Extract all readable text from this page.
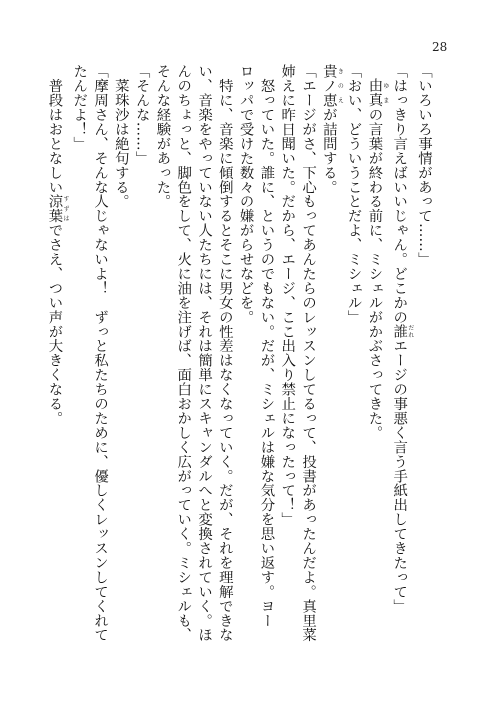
28
「いろいろ事情があって……」
「はっきり言えばいいじゃん。どこかの誰 だれエージの事悪く言う手紙出してきたって」
　由真 ゆまの言葉が終わる前に、ミシェルがかぶさってきた。
「おい、どういうことだよ、ミシェル」
貴ノ恵 きのえが詰問する。
「エージがさ、下心もってあんたらのレッスンしてるって、投書があったんだよ。真里菜
姉えに昨日聞いた。だから、エージ、ここ出入り禁止になったって！」
　怒っていた。誰に、というのでもない。だが、ミシェルは嫌な気分を思い返す。ヨー
ロッパで受けた数々の嫌がらせなどを。
　特に、音楽に傾倒するとそこに男女の性差はなくなっていく。だが、それを理解できな
い、音楽をやっていない人たちには、それは簡単にスキャンダルへと変換されていく。ほ
んのちょっと、脚色をして、火に油を注げば、面白おかしく広がっていく。ミシェルも、
そんな経験があった。
「そんな……」
　菜珠沙は絶句する。
「摩周さん、そんな人じゃないよ！　ずっと私たちのために、優しくレッスンしてくれて
たんだよ！」
　普段はおとなしい涼葉 すずはでさえ、つい声が大きくなる。
